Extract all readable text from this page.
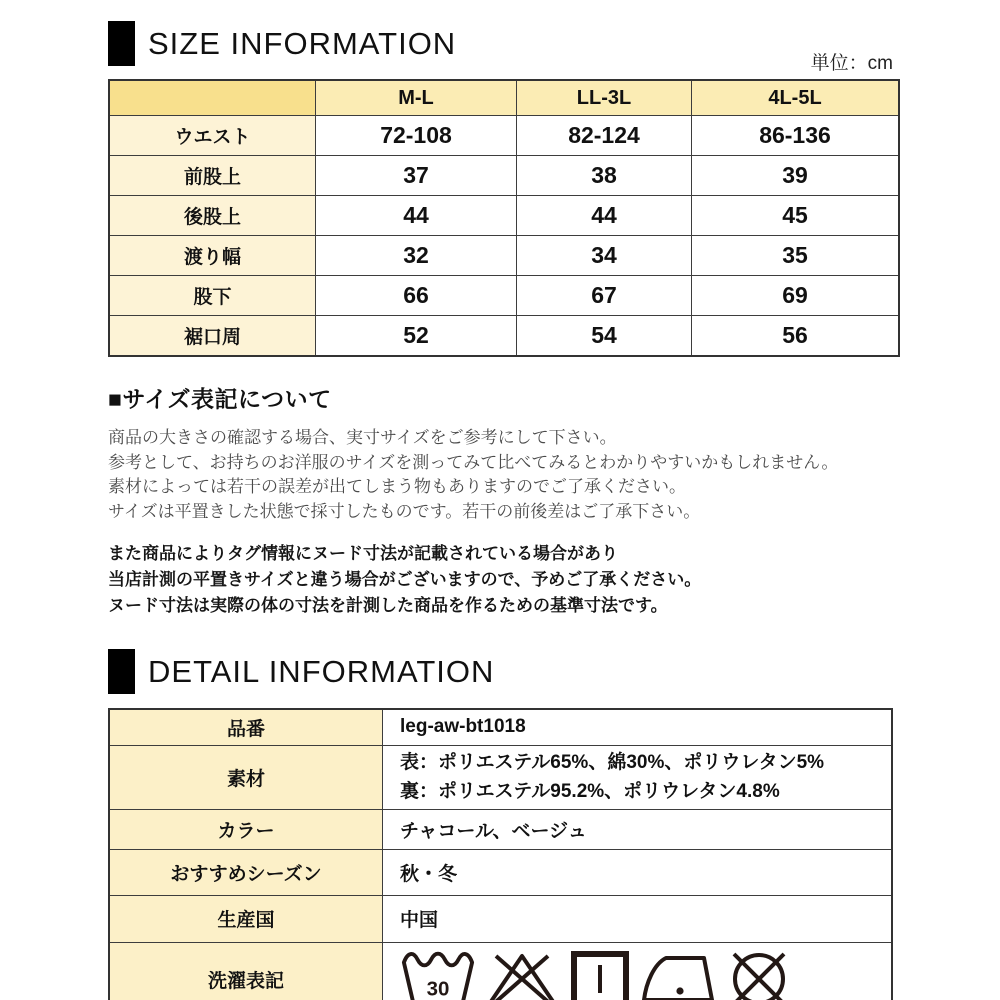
SIZE INFORMATION
単位：cm
	M-L	LL-3L	4L-5L
ウエスト	72-108	82-124	86-136
前股上	37	38	39
後股上	44	44	45
渡り幅	32	34	35
股下	66	67	69
裾口周	52	54	56
■サイズ表記について
商品の大きさの確認する場合、実寸サイズをご参考にして下さい。
参考として、お持ちのお洋服のサイズを測ってみて比べてみるとわかりやすいかもしれません。
素材によっては若干の誤差が出てしまう物もありますのでご了承ください。
サイズは平置きした状態で採寸したものです。若干の前後差はご了承下さい。
また商品によりタグ情報にヌード寸法が記載されている場合があり
当店計測の平置きサイズと違う場合がございますので、予めご了承ください。
ヌード寸法は実際の体の寸法を計測した商品を作るための基準寸法です。
DETAIL INFORMATION
品番	leg-aw-bt1018
素材	表：ポリエステル65%、綿30%、ポリウレタン5%
裏：ポリエステル95.2%、ポリウレタン4.8%

カラー	チャコール、ベージュ
おすすめシーズン	秋・冬
生産国	中国
洗濯表記	30
